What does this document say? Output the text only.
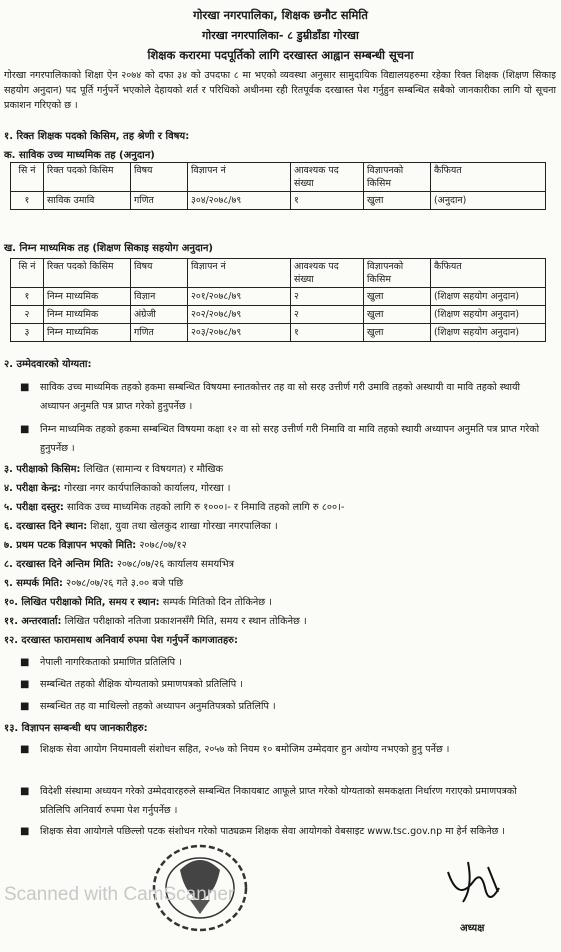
गोरखा नगरपालिका, शिक्षक छनौट समिति
गोरखा नगरपालिका- ८ डुम्रीडाँडा गोरखा
शिक्षक करारमा पदपूर्तिको लागि दरखास्त आह्वान सम्बन्धी सूचना
गोरखा नगरपालिकाको शिक्षा ऐन २०७४ को दफा ३४ को उपदफा ८ मा भएको व्यवस्था अनुसार सामुदायिक विद्यालयहरुमा रहेका रिक्त शिक्षक (शिक्षण सिकाइ सहयोग अनुदान) पद पूर्ति गर्नुपर्ने भएकोले देहायको शर्त र परिधिको अधीनमा रही रितपूर्वक दरखास्त पेश गर्नुहुन सम्बन्धित सबैको जानकारीका लागि यो सूचना प्रकाशन गरिएको छ ।
१. रिक्त शिक्षक पदको किसिम, तह श्रेणी र विषय:
क. साविक उच्च माध्यमिक तह (अनुदान)
सि नं	रिक्त पदको किसिम	विषय	विज्ञापन नं	आवश्यक पद संख्या	विज्ञापनको किसिम	कैफियत
१	साविक उमावि	गणित	३०४/२०७८/७९	१	खुला	(अनुदान)
ख. निम्न माध्यमिक तह (शिक्षण सिकाइ सहयोग अनुदान)
सि नं	रिक्त पदको किसिम	विषय	विज्ञापन नं	आवश्यक पद संख्या	विज्ञापनको किसिम	कैफियत
१	निम्न माध्यमिक	विज्ञान	२०१/२०७८/७९	२	खुला	(शिक्षण सहयोग अनुदान)
२	निम्न माध्यमिक	अंग्रेजी	२०२/२०७८/७९	२	खुला	(शिक्षण सहयोग अनुदान)
३	निम्न माध्यमिक	गणित	२०३/२०७८/७९	१	खुला	(शिक्षण सहयोग अनुदान)
२. उम्मेदवारको योग्यता:
■ साविक उच्च माध्यमिक तहको हकमा सम्बन्धित विषयमा स्नातकोत्तर तह वा सो सरह उत्तीर्ण गरी उमावि तहको अस्थायी वा मावि तहको स्थायी अध्यापन अनुमति पत्र प्राप्त गरेको हुनुपर्नेछ ।
■ निम्न माध्यमिक तहको हकमा सम्बन्धित विषयमा कक्षा १२ वा सो सरह उत्तीर्ण गरी निमावि वा मावि तहको स्थायी अध्यापन अनुमति पत्र प्राप्त गरेको हुनुपर्नेछ ।
३. परीक्षाको किसिम: लिखित (सामान्य र विषयगत) र मौखिक
४. परीक्षा केन्द्र: गोरखा नगर कार्यपालिकाको कार्यालय, गोरखा ।
५. परीक्षा दस्तुर: साविक उच्च माध्यमिक तहको लागि रु १०००।- र निमावि तहको लागि रु ८००।-
६. दरखास्त दिने स्थान: शिक्षा, युवा तथा खेलकुद शाखा गोरखा नगरपालिका ।
७. प्रथम पटक विज्ञापन भएको मिति: २०७८/०७/१२
८. दरखास्त दिने अन्तिम मिति: २०७८/०७/२६ कार्यालय समयभित्र
९. सम्पर्क मिति: २०७८/०७/२६ गते ३.०० बजे पछि
१०. लिखित परीक्षाको मिति, समय र स्थान: सम्पर्क मितिको दिन तोकिनेछ ।
११. अन्तरवार्ता: लिखित परीक्षाको नतिजा प्रकाशनसँगै मिति, समय र स्थान तोकिनेछ ।
१२. दरखास्त फारामसाथ अनिवार्य रुपमा पेश गर्नुपर्ने कागजातहरु:
■ नेपाली नागरिकताको प्रमाणित प्रतिलिपि ।
■ सम्बन्धित तहको शैक्षिक योग्यताको प्रमाणपत्रको प्रतिलिपि ।
■ सम्बन्धित तह वा माथिल्लो तहको अध्यापन अनुमतिपत्रको प्रतिलिपि ।
१३. विज्ञापन सम्बन्धी थप जानकारीहरु:
■ शिक्षक सेवा आयोग नियमावली संशोधन सहित, २०५७ को नियम १० बमोजिम उम्मेदवार हुन अयोग्य नभएको हुनु पर्नेछ ।
■ विदेशी संस्थामा अध्ययन गरेको उम्मेदवारहरुले सम्बन्धित निकायबाट आफूले प्राप्त गरेको योग्यताको समकक्षता निर्धारण गराएको प्रमाणपत्रको प्रतिलिपि अनिवार्य रुपमा पेश गर्नुपर्नेछ ।
■ शिक्षक सेवा आयोगले पछिल्लो पटक संशोधन गरेको पाठ्यक्रम शिक्षक सेवा आयोगको वेबसाइट www.tsc.gov.np मा हेर्न सकिनेछ ।
अध्यक्ष
Scanned with CamScanner
